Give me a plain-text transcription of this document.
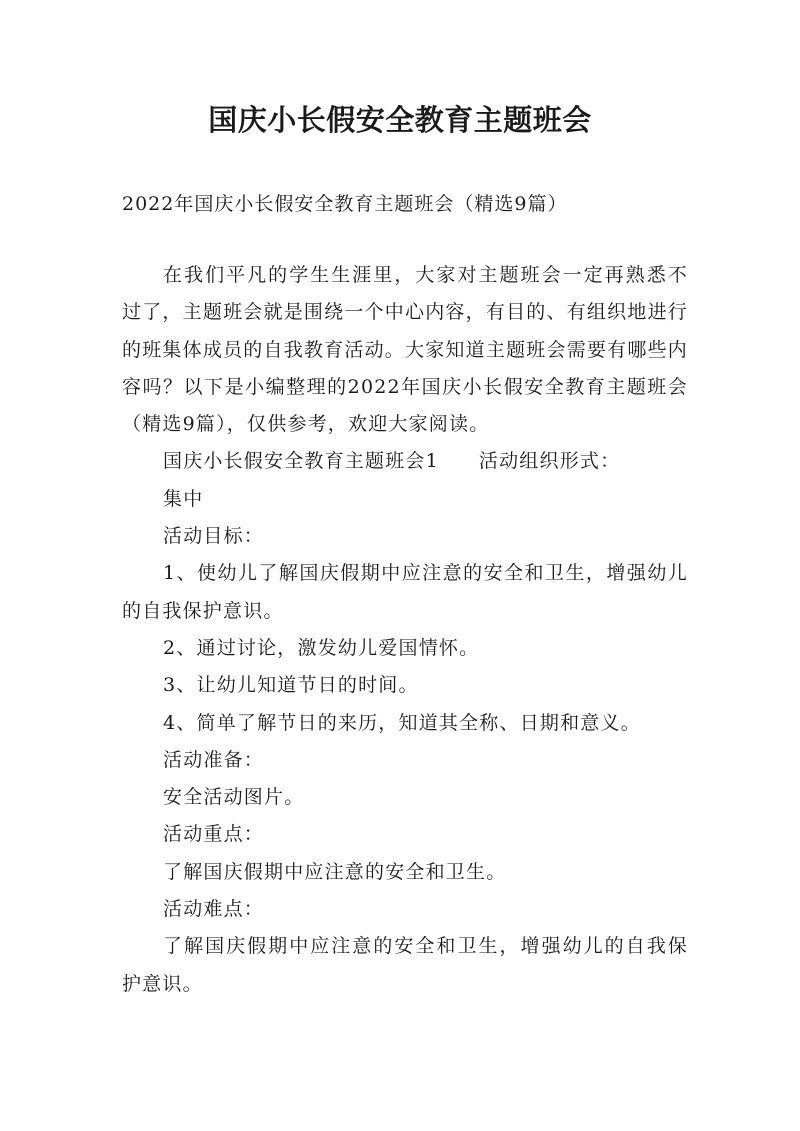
国庆小长假安全教育主题班会

2022年国庆小长假安全教育主题班会（精选9篇）

在我们平凡的学生生涯里，大家对主题班会一定再熟悉不过了，主题班会就是围绕一个中心内容，有目的、有组织地进行的班集体成员的自我教育活动。大家知道主题班会需要有哪些内容吗？以下是小编整理的2022年国庆小长假安全教育主题班会（精选9篇），仅供参考，欢迎大家阅读。

国庆小长假安全教育主题班会1 活动组织形式：

集中

活动目标：

1、使幼儿了解国庆假期中应注意的安全和卫生，增强幼儿的自我保护意识。

2、通过讨论，激发幼儿爱国情怀。

3、让幼儿知道节日的时间。

4、简单了解节日的来历，知道其全称、日期和意义。

活动准备：

安全活动图片。

活动重点：

了解国庆假期中应注意的安全和卫生。

活动难点：

了解国庆假期中应注意的安全和卫生，增强幼儿的自我保护意识。
